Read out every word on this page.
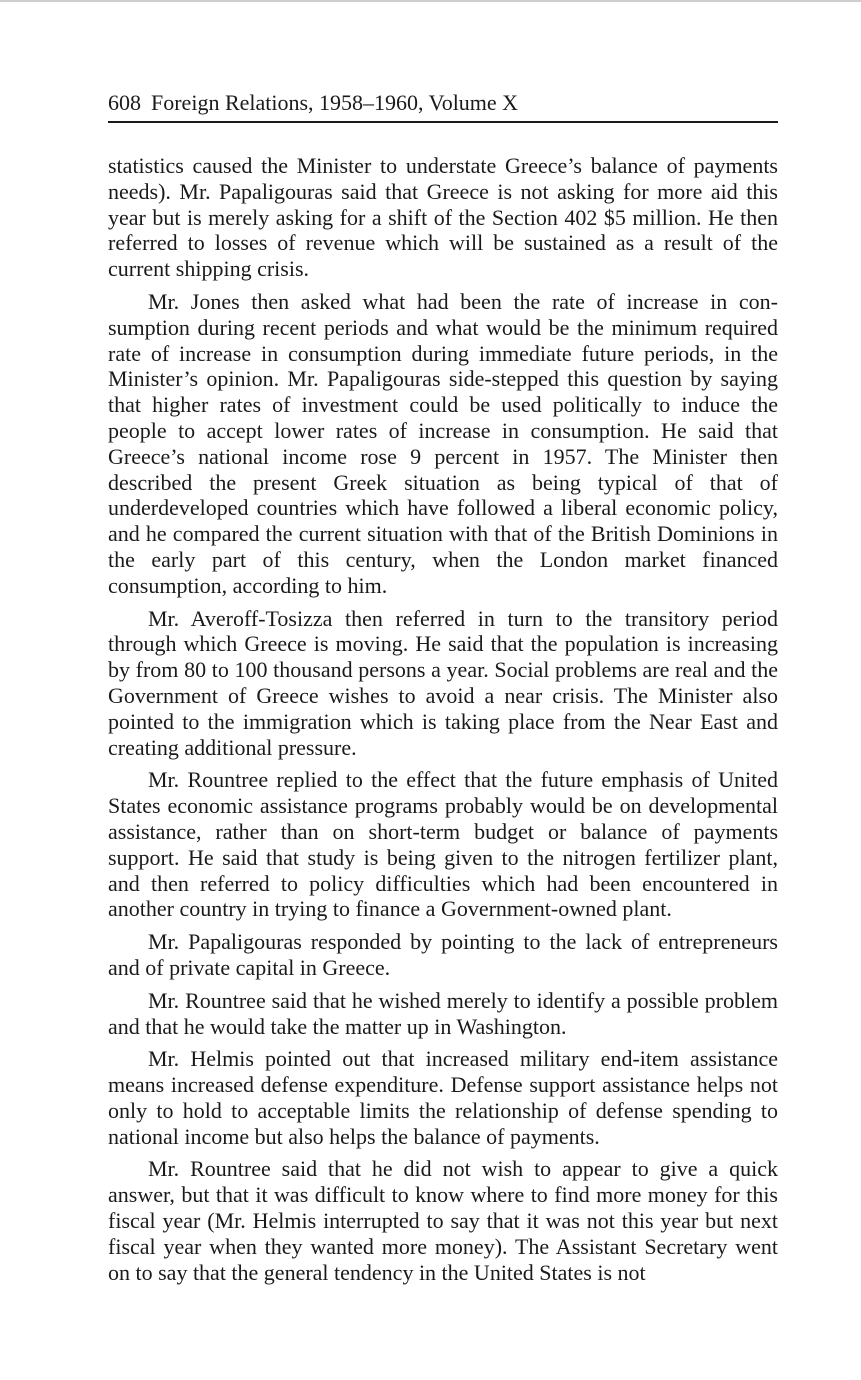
608 Foreign Relations, 1958–1960, Volume X

statistics caused the Minister to understate Greece’s balance of payments needs). Mr. Papaligouras said that Greece is not asking for more aid this year but is merely asking for a shift of the Section 402 $5 million. He then referred to losses of revenue which will be sustained as a result of the current shipping crisis.

Mr. Jones then asked what had been the rate of increase in consumption during recent periods and what would be the minimum required rate of increase in consumption during immediate future periods, in the Minister’s opinion. Mr. Papaligouras side-stepped this question by saying that higher rates of investment could be used politically to induce the people to accept lower rates of increase in consumption. He said that Greece’s national income rose 9 percent in 1957. The Minister then described the present Greek situation as being typical of that of underdeveloped countries which have followed a liberal economic policy, and he compared the current situation with that of the British Dominions in the early part of this century, when the London market financed consumption, according to him.

Mr. Averoff-Tosizza then referred in turn to the transitory period through which Greece is moving. He said that the population is increasing by from 80 to 100 thousand persons a year. Social problems are real and the Government of Greece wishes to avoid a near crisis. The Minister also pointed to the immigration which is taking place from the Near East and creating additional pressure.

Mr. Rountree replied to the effect that the future emphasis of United States economic assistance programs probably would be on developmental assistance, rather than on short-term budget or balance of payments support. He said that study is being given to the nitrogen fertilizer plant, and then referred to policy difficulties which had been encountered in another country in trying to finance a Government-owned plant.

Mr. Papaligouras responded by pointing to the lack of entrepreneurs and of private capital in Greece.

Mr. Rountree said that he wished merely to identify a possible problem and that he would take the matter up in Washington.

Mr. Helmis pointed out that increased military end-item assistance means increased defense expenditure. Defense support assistance helps not only to hold to acceptable limits the relationship of defense spending to national income but also helps the balance of payments.

Mr. Rountree said that he did not wish to appear to give a quick answer, but that it was difficult to know where to find more money for this fiscal year (Mr. Helmis interrupted to say that it was not this year but next fiscal year when they wanted more money). The Assistant Secretary went on to say that the general tendency in the United States is not
